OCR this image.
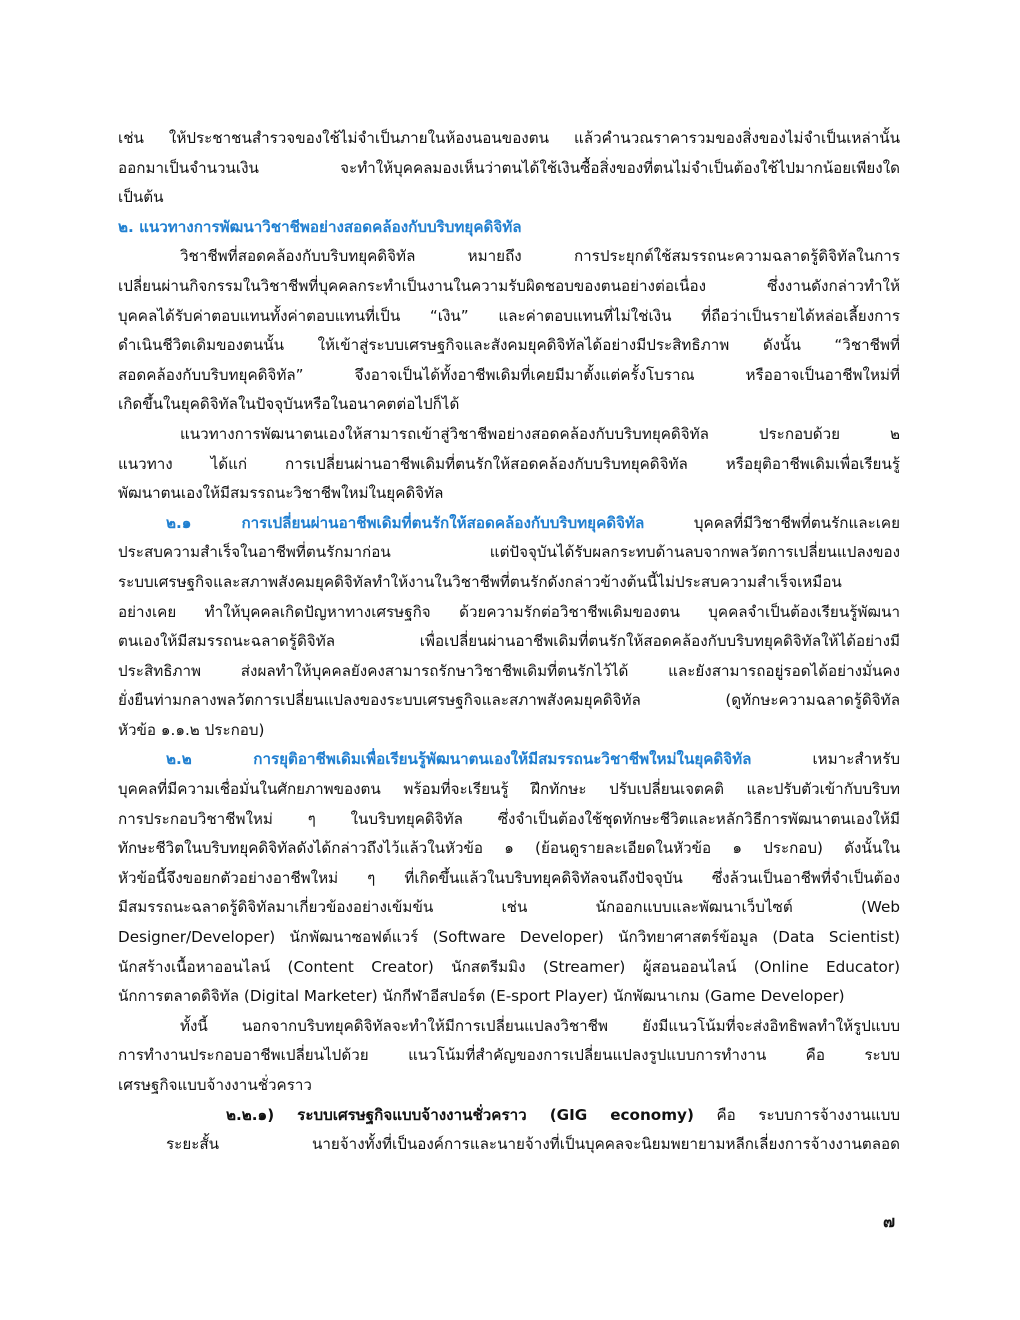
เช่น ให้ประชาชนสำรวจของใช้ไม่จำเป็นภายในห้องนอนของตน แล้วคำนวณราคารวมของสิ่งของไม่จำเป็นเหล่านั้น
ออกมาเป็นจำนวนเงิน จะทำให้บุคคลมองเห็นว่าตนได้ใช้เงินซื้อสิ่งของที่ตนไม่จำเป็นต้องใช้ไปมากน้อยเพียงใด
เป็นต้น
๒. แนวทางการพัฒนาวิชาชีพอย่างสอดคล้องกับบริบทยุคดิจิทัล
วิชาชีพที่สอดคล้องกับบริบทยุคดิจิทัล หมายถึง การประยุกต์ใช้สมรรถนะความฉลาดรู้ดิจิทัลในการ
เปลี่ยนผ่านกิจกรรมในวิชาชีพที่บุคคลกระทำเป็นงานในความรับผิดชอบของตนอย่างต่อเนื่อง ซึ่งงานดังกล่าวทำให้
บุคคลได้รับค่าตอบแทนทั้งค่าตอบแทนที่เป็น “เงิน” และค่าตอบแทนที่ไม่ใช่เงิน ที่ถือว่าเป็นรายได้หล่อเลี้ยงการ
ดำเนินชีวิตเดิมของตนนั้น ให้เข้าสู่ระบบเศรษฐกิจและสังคมยุคดิจิทัลได้อย่างมีประสิทธิภาพ ดังนั้น “วิชาชีพที่
สอดคล้องกับบริบทยุคดิจิทัล” จึงอาจเป็นได้ทั้งอาชีพเดิมที่เคยมีมาตั้งแต่ครั้งโบราณ หรืออาจเป็นอาชีพใหม่ที่
เกิดขึ้นในยุคดิจิทัลในปัจจุบันหรือในอนาคตต่อไปก็ได้
แนวทางการพัฒนาตนเองให้สามารถเข้าสู่วิชาชีพอย่างสอดคล้องกับบริบทยุคดิจิทัล ประกอบด้วย ๒
แนวทาง ได้แก่ การเปลี่ยนผ่านอาชีพเดิมที่ตนรักให้สอดคล้องกับบริบทยุคดิจิทัล หรือยุติอาชีพเดิมเพื่อเรียนรู้
พัฒนาตนเองให้มีสมรรถนะวิชาชีพใหม่ในยุคดิจิทัล
๒.๑ การเปลี่ยนผ่านอาชีพเดิมที่ตนรักให้สอดคล้องกับบริบทยุคดิจิทัล บุคคลที่มีวิชาชีพที่ตนรักและเคย
ประสบความสำเร็จในอาชีพที่ตนรักมาก่อน แต่ปัจจุบันได้รับผลกระทบด้านลบจากพลวัตการเปลี่ยนแปลงของ
ระบบเศรษฐกิจและสภาพสังคมยุคดิจิทัลทำให้งานในวิชาชีพที่ตนรักดังกล่าวข้างต้นนี้ไม่ประสบความสำเร็จเหมือน
อย่างเคย ทำให้บุคคลเกิดปัญหาทางเศรษฐกิจ ด้วยความรักต่อวิชาชีพเดิมของตน บุคคลจำเป็นต้องเรียนรู้พัฒนา
ตนเองให้มีสมรรถนะฉลาดรู้ดิจิทัล เพื่อเปลี่ยนผ่านอาชีพเดิมที่ตนรักให้สอดคล้องกับบริบทยุคดิจิทัลให้ได้อย่างมี
ประสิทธิภาพ ส่งผลทำให้บุคคลยังคงสามารถรักษาวิชาชีพเดิมที่ตนรักไว้ได้ และยังสามารถอยู่รอดได้อย่างมั่นคง
ยั่งยืนท่ามกลางพลวัตการเปลี่ยนแปลงของระบบเศรษฐกิจและสภาพสังคมยุคดิจิทัล (ดูทักษะความฉลาดรู้ดิจิทัล
หัวข้อ ๑.๑.๒ ประกอบ)
๒.๒ การยุติอาชีพเดิมเพื่อเรียนรู้พัฒนาตนเองให้มีสมรรถนะวิชาชีพใหม่ในยุคดิจิทัล เหมาะสำหรับ
บุคคลที่มีความเชื่อมั่นในศักยภาพของตน พร้อมที่จะเรียนรู้ ฝึกทักษะ ปรับเปลี่ยนเจตคติ และปรับตัวเข้ากับบริบท
การประกอบวิชาชีพใหม่ ๆ ในบริบทยุคดิจิทัล ซึ่งจำเป็นต้องใช้ชุดทักษะชีวิตและหลักวิธีการพัฒนาตนเองให้มี
ทักษะชีวิตในบริบทยุคดิจิทัลดังได้กล่าวถึงไว้แล้วในหัวข้อ ๑ (ย้อนดูรายละเอียดในหัวข้อ ๑ ประกอบ) ดังนั้นใน
หัวข้อนี้จึงขอยกตัวอย่างอาชีพใหม่ ๆ ที่เกิดขึ้นแล้วในบริบทยุคดิจิทัลจนถึงปัจจุบัน ซึ่งล้วนเป็นอาชีพที่จำเป็นต้อง
มีสมรรถนะฉลาดรู้ดิจิทัลมาเกี่ยวข้องอย่างเข้มข้น เช่น นักออกแบบและพัฒนาเว็บไซต์ (Web
Designer/Developer) นักพัฒนาซอฟต์แวร์ (Software Developer) นักวิทยาศาสตร์ข้อมูล (Data Scientist)
นักสร้างเนื้อหาออนไลน์ (Content Creator) นักสตรีมมิง (Streamer) ผู้สอนออนไลน์ (Online Educator)
นักการตลาดดิจิทัล (Digital Marketer) นักกีฬาอีสปอร์ต (E-sport Player) นักพัฒนาเกม (Game Developer)
ทั้งนี้ นอกจากบริบทยุคดิจิทัลจะทำให้มีการเปลี่ยนแปลงวิชาชีพ ยังมีแนวโน้มที่จะส่งอิทธิพลทำให้รูปแบบ
การทำงานประกอบอาชีพเปลี่ยนไปด้วย แนวโน้มที่สำคัญของการเปลี่ยนแปลงรูปแบบการทำงาน คือ ระบบ
เศรษฐกิจแบบจ้างงานชั่วคราว
๒.๒.๑) ระบบเศรษฐกิจแบบจ้างงานชั่วคราว (GIG economy) คือ ระบบการจ้างงานแบบ
ระยะสั้น นายจ้างทั้งที่เป็นองค์การและนายจ้างที่เป็นบุคคลจะนิยมพยายามหลีกเลี่ยงการจ้างงานตลอด
๗
